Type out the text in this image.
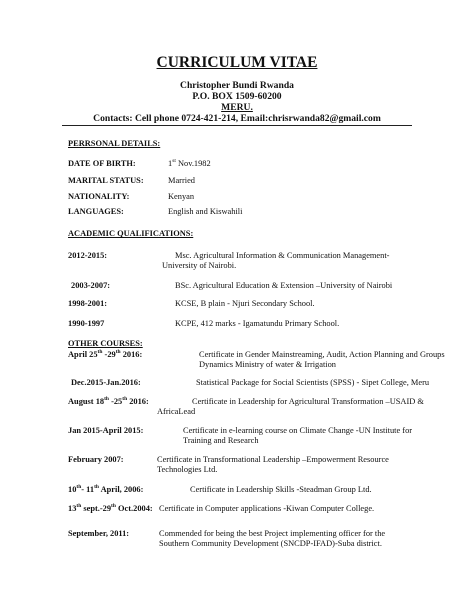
CURRICULUM VITAE
Christopher Bundi Rwanda
P.O. BOX 1509-60200
MERU.
Contacts: Cell phone 0724-421-214, Email:chrisrwanda82@gmail.com
PERRSONAL DETAILS:
DATE OF BIRTH:	1st Nov.1982
MARITAL STATUS:	Married
NATIONALITY:	Kenyan
LANGUAGES:	English and Kiswahili
ACADEMIC QUALIFICATIONS:
2012-2015:	Msc. Agricultural Information & Communication Management-
University of Nairobi.
2003-2007:	BSc. Agricultural Education & Extension –University of Nairobi
1998-2001:	KCSE, B plain - Njuri Secondary School.
1990-1997	KCPE, 412 marks - Igamatundu Primary School.
OTHER COURSES:
April 25th -29th 2016:	Certificate in Gender Mainstreaming, Audit, Action Planning and Groups
Dynamics Ministry of water & Irrigation
Dec.2015-Jan.2016:	Statistical Package for Social Scientists (SPSS) - Sipet College, Meru
August 18th -25th 2016:	Certificate in Leadership for Agricultural Transformation –USAID &
AfricaLead
Jan 2015-April 2015:	Certificate in e-learning course on Climate Change -UN Institute for
Training and Research
February 2007:	Certificate in Transformational Leadership –Empowerment Resource
Technologies Ltd.
10th- 11th April, 2006:	Certificate in Leadership Skills -Steadman Group Ltd.
13th sept.-29th Oct.2004: Certificate in Computer applications -Kiwan Computer College.
September, 2011:	Commended for being the best Project implementing officer for the
Southern Community Development (SNCDP-IFAD)-Suba district.
